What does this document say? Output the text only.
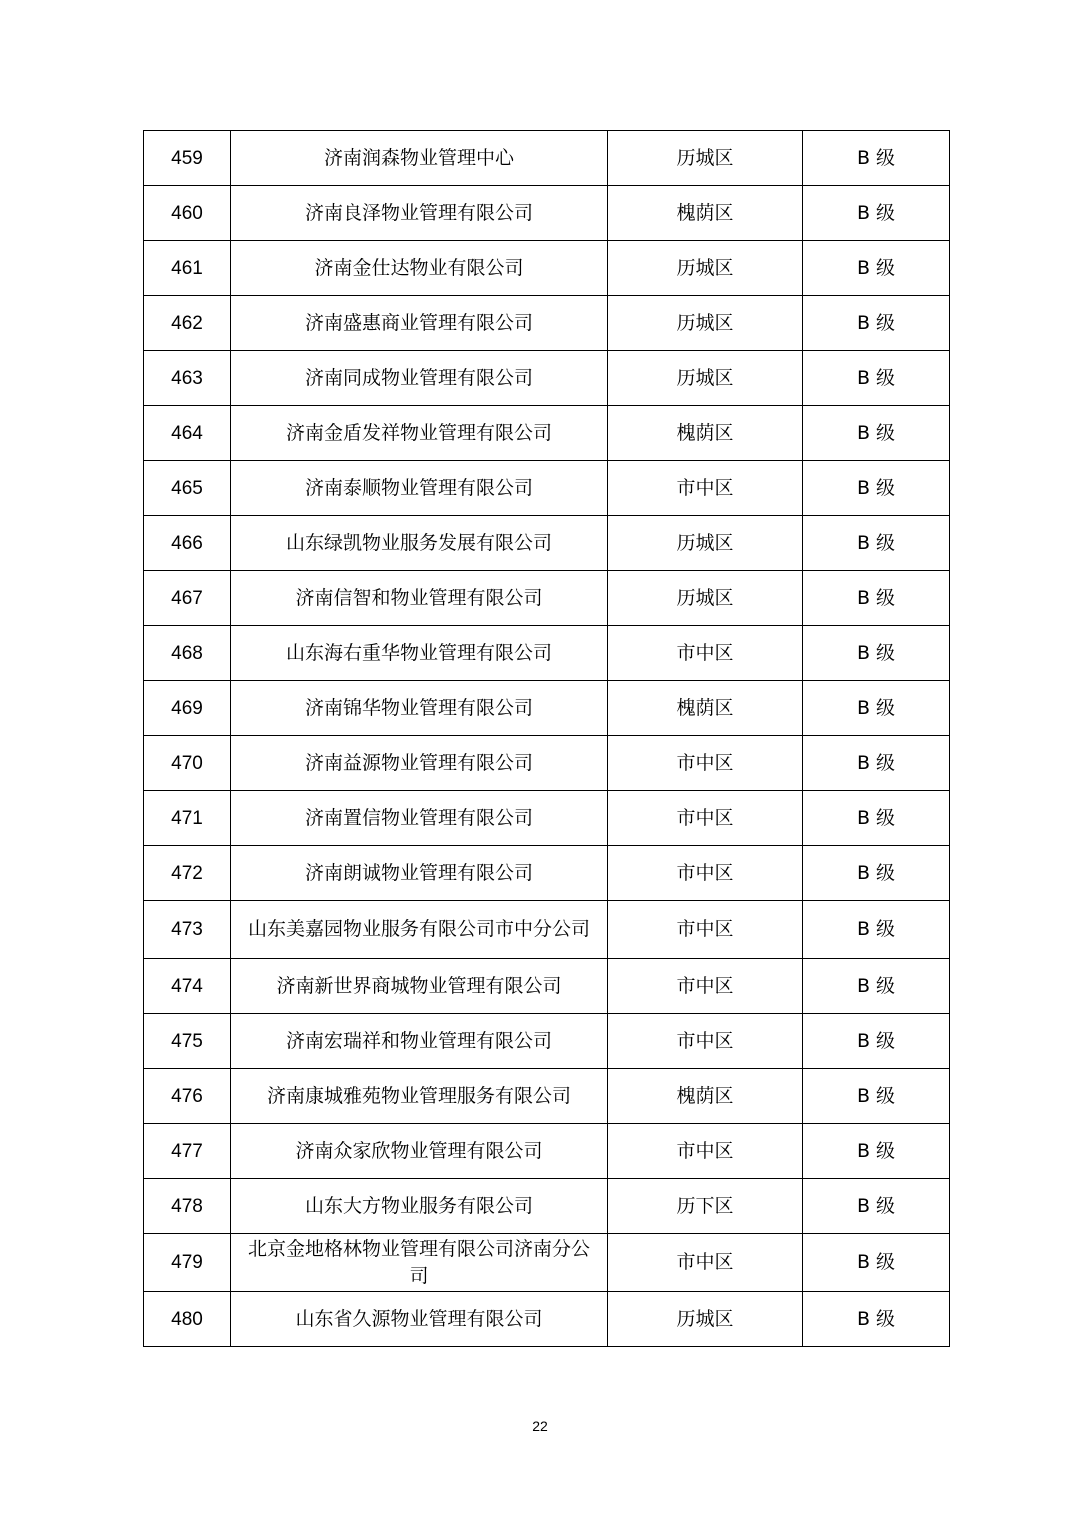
459	济南润森物业管理中心	历城区	B 级
460	济南良泽物业管理有限公司	槐荫区	B 级
461	济南金仕达物业有限公司	历城区	B 级
462	济南盛惠商业管理有限公司	历城区	B 级
463	济南同成物业管理有限公司	历城区	B 级
464	济南金盾发祥物业管理有限公司	槐荫区	B 级
465	济南泰顺物业管理有限公司	市中区	B 级
466	山东绿凯物业服务发展有限公司	历城区	B 级
467	济南信智和物业管理有限公司	历城区	B 级
468	山东海右重华物业管理有限公司	市中区	B 级
469	济南锦华物业管理有限公司	槐荫区	B 级
470	济南益源物业管理有限公司	市中区	B 级
471	济南置信物业管理有限公司	市中区	B 级
472	济南朗诚物业管理有限公司	市中区	B 级
473	山东美嘉园物业服务有限公司市中分公司	市中区	B 级
474	济南新世界商城物业管理有限公司	市中区	B 级
475	济南宏瑞祥和物业管理有限公司	市中区	B 级
476	济南康城雅苑物业管理服务有限公司	槐荫区	B 级
477	济南众家欣物业管理有限公司	市中区	B 级
478	山东大方物业服务有限公司	历下区	B 级
479	北京金地格林物业管理有限公司济南分公司	市中区	B 级
480	山东省久源物业管理有限公司	历城区	B 级
22
